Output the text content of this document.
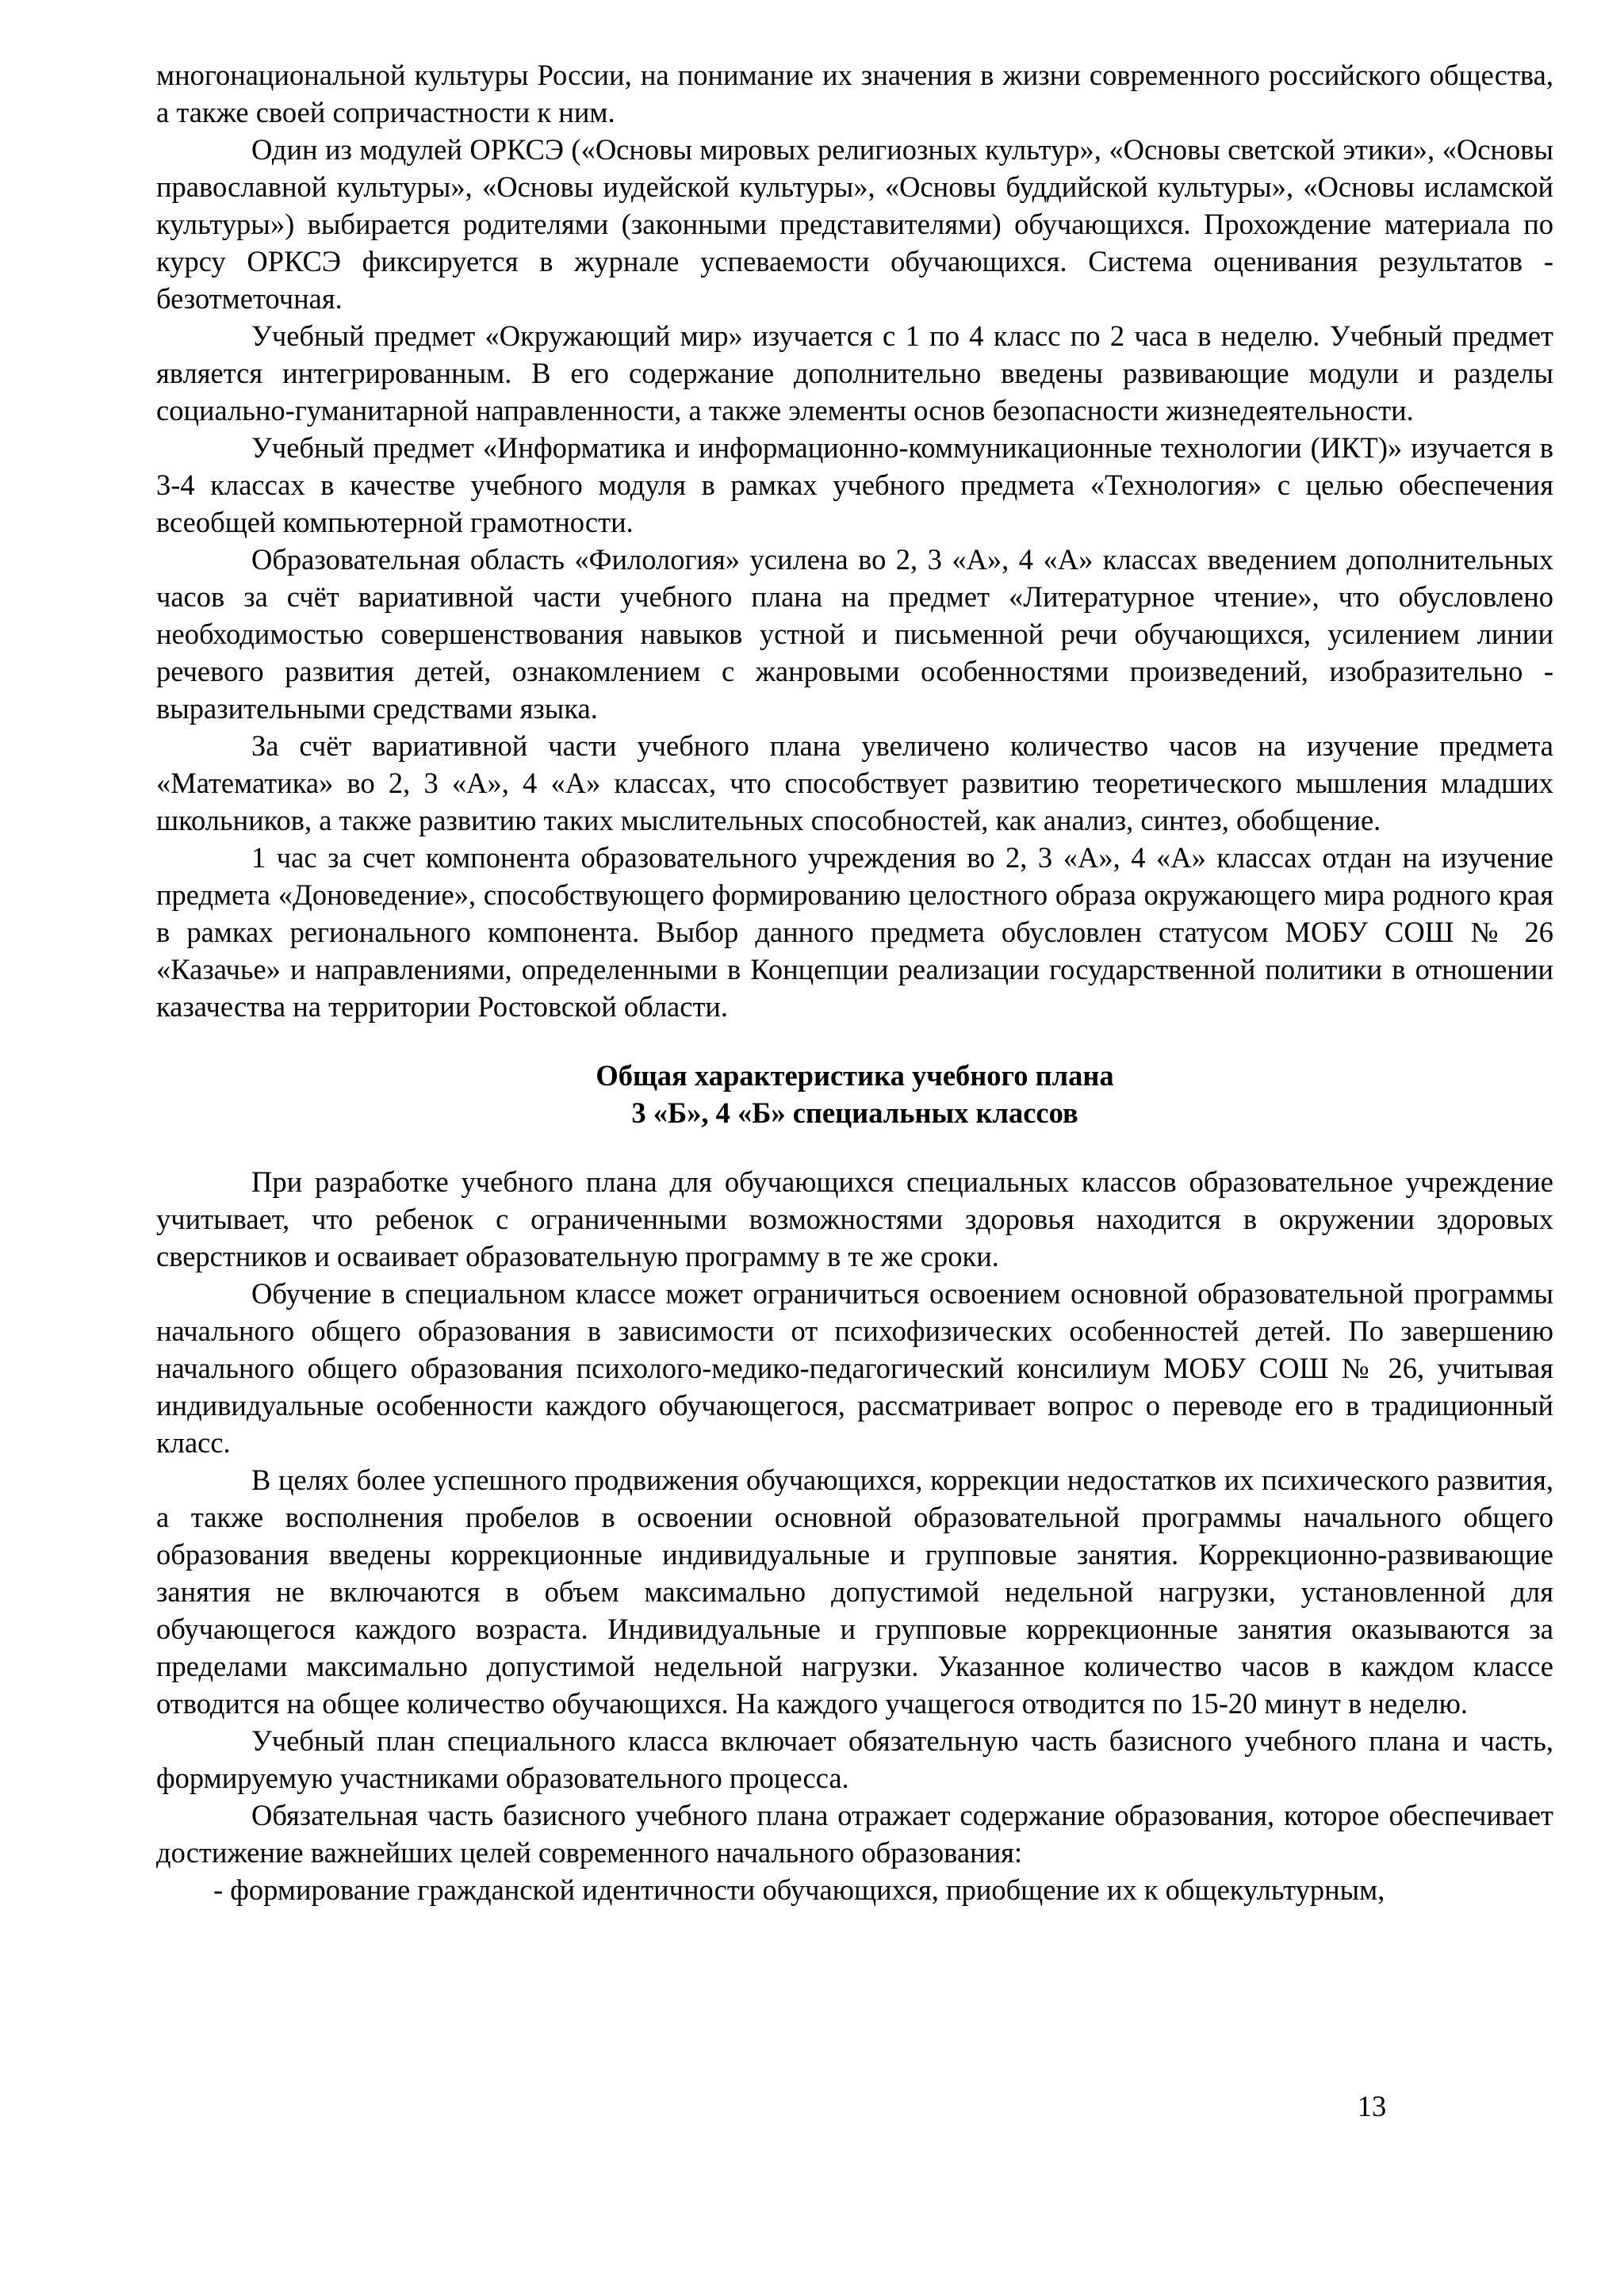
многонациональной культуры России, на понимание их значения в жизни современного российского общества, а также своей сопричастности к ним.

Один из модулей ОРКСЭ («Основы мировых религиозных культур», «Основы светской этики», «Основы православной культуры», «Основы иудейской культуры», «Основы буддийской культуры», «Основы исламской культуры») выбирается родителями (законными представителями) обучающихся. Прохождение материала по курсу ОРКСЭ фиксируется в журнале успеваемости обучающихся. Система оценивания результатов - безотметочная.

Учебный предмет «Окружающий мир» изучается с 1 по 4 класс по 2 часа в неделю. Учебный предмет является интегрированным. В его содержание дополнительно введены развивающие модули и разделы социально-гуманитарной направленности, а также элементы основ безопасности жизнедеятельности.

Учебный предмет «Информатика и информационно-коммуникационные технологии (ИКТ)» изучается в 3-4 классах в качестве учебного модуля в рамках учебного предмета «Технология» с целью обеспечения всеобщей компьютерной грамотности.

Образовательная область «Филология» усилена во 2, 3 «А», 4 «А» классах введением дополнительных часов за счёт вариативной части учебного плана на предмет «Литературное чтение», что обусловлено необходимостью совершенствования навыков устной и письменной речи обучающихся, усилением линии речевого развития детей, ознакомлением с жанровыми особенностями произведений, изобразительно - выразительными средствами языка.

За счёт вариативной части учебного плана увеличено количество часов на изучение предмета «Математика» во 2, 3 «А», 4 «А» классах, что способствует развитию теоретического мышления младших школьников, а также развитию таких мыслительных способностей, как анализ, синтез, обобщение.

1 час за счет компонента образовательного учреждения во 2, 3 «А», 4 «А» классах отдан на изучение предмета «Доноведение», способствующего формированию целостного образа окружающего мира родного края в рамках регионального компонента. Выбор данного предмета обусловлен статусом МОБУ СОШ № 26 «Казачье» и направлениями, определенными в Концепции реализации государственной политики в отношении казачества на территории Ростовской области.

Общая характеристика учебного плана
3 «Б», 4 «Б» специальных классов

При разработке учебного плана для обучающихся специальных классов образовательное учреждение учитывает, что ребенок с ограниченными возможностями здоровья находится в окружении здоровых сверстников и осваивает образовательную программу в те же сроки.

Обучение в специальном классе может ограничиться освоением основной образовательной программы начального общего образования в зависимости от психофизических особенностей детей. По завершению начального общего образования психолого-медико-педагогический консилиум МОБУ СОШ № 26, учитывая индивидуальные особенности каждого обучающегося, рассматривает вопрос о переводе его в традиционный класс.

В целях более успешного продвижения обучающихся, коррекции недостатков их психического развития, а также восполнения пробелов в освоении основной образовательной программы начального общего образования введены коррекционные индивидуальные и групповые занятия. Коррекционно-развивающие занятия не включаются в объем максимально допустимой недельной нагрузки, установленной для обучающегося каждого возраста. Индивидуальные и групповые коррекционные занятия оказываются за пределами максимально допустимой недельной нагрузки. Указанное количество часов в каждом классе отводится на общее количество обучающихся. На каждого учащегося отводится по 15-20 минут в неделю.

Учебный план специального класса включает обязательную часть базисного учебного плана и часть, формируемую участниками образовательного процесса.

Обязательная часть базисного учебного плана отражает содержание образования, которое обеспечивает достижение важнейших целей современного начального образования:

- формирование гражданской идентичности обучающихся, приобщение их к общекультурным,

13
